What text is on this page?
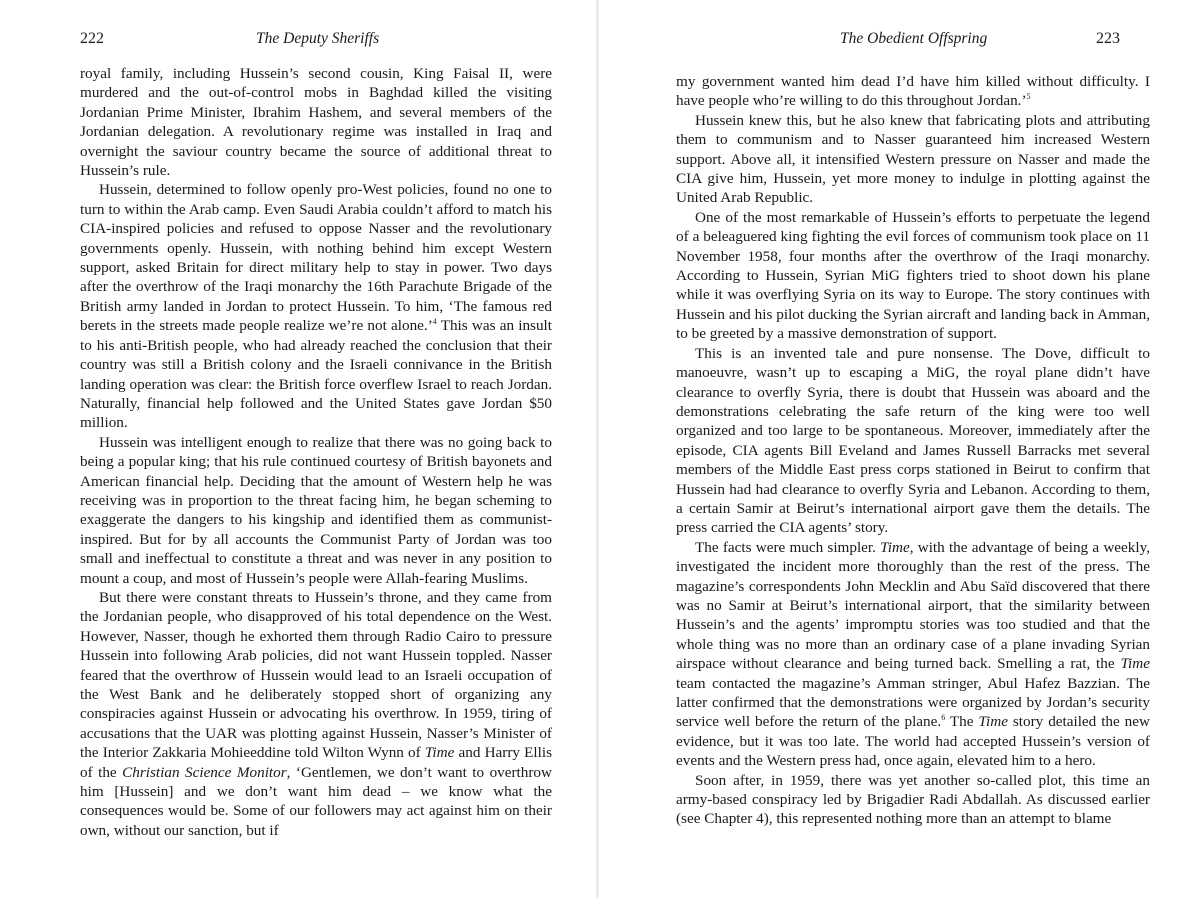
222	The Deputy Sheriffs

royal family, including Hussein’s second cousin, King Faisal II, were murdered and the out-of-control mobs in Baghdad killed the visiting Jordanian Prime Minister, Ibrahim Hashem, and several members of the Jordanian delegation. A revolutionary regime was installed in Iraq and overnight the saviour country became the source of additional threat to Hussein’s rule.

Hussein, determined to follow openly pro-West policies, found no one to turn to within the Arab camp. Even Saudi Arabia couldn’t afford to match his CIA-inspired policies and refused to oppose Nasser and the revolutionary governments openly. Hussein, with nothing behind him except Western support, asked Britain for direct military help to stay in power. Two days after the overthrow of the Iraqi monarchy the 16th Parachute Brigade of the British army landed in Jordan to protect Hussein. To him, ‘The famous red berets in the streets made people realize we’re not alone.’$^4$ This was an insult to his anti-British people, who had already reached the conclusion that their country was still a British colony and the Israeli connivance in the British landing operation was clear: the British force overflew Israel to reach Jordan. Naturally, financial help followed and the United States gave Jordan $50 million.

Hussein was intelligent enough to realize that there was no going back to being a popular king; that his rule continued courtesy of British bayonets and American financial help. Deciding that the amount of Western help he was receiving was in proportion to the threat facing him, he began scheming to exaggerate the dangers to his kingship and identified them as communist-inspired. But for by all accounts the Communist Party of Jordan was too small and ineffectual to constitute a threat and was never in any position to mount a coup, and most of Hussein’s people were Allah-fearing Muslims.

But there were constant threats to Hussein’s throne, and they came from the Jordanian people, who disapproved of his total dependence on the West. However, Nasser, though he exhorted them through Radio Cairo to pressure Hussein into following Arab policies, did not want Hussein toppled. Nasser feared that the overthrow of Hussein would lead to an Israeli occupation of the West Bank and he deliberately stopped short of organizing any conspiracies against Hussein or advocating his overthrow. In 1959, tiring of accusations that the UAR was plotting against Hussein, Nasser’s Minister of the Interior Zakkaria Mohieeddine told Wilton Wynn of Time and Harry Ellis of the Christian Science Monitor, ‘Gentlemen, we don’t want to overthrow him [Hussein] and we don’t want him dead – we know what the consequences would be. Some of our followers may act against him on their own, without our sanction, but if

The Obedient Offspring	223

my government wanted him dead I’d have him killed without difficulty. I have people who’re willing to do this throughout Jordan.’$^5$

Hussein knew this, but he also knew that fabricating plots and attributing them to communism and to Nasser guaranteed him increased Western support. Above all, it intensified Western pressure on Nasser and made the CIA give him, Hussein, yet more money to indulge in plotting against the United Arab Republic.

One of the most remarkable of Hussein’s efforts to perpetuate the legend of a beleaguered king fighting the evil forces of communism took place on 11 November 1958, four months after the overthrow of the Iraqi monarchy. According to Hussein, Syrian MiG fighters tried to shoot down his plane while it was overflying Syria on its way to Europe. The story continues with Hussein and his pilot ducking the Syrian aircraft and landing back in Amman, to be greeted by a massive demonstration of support.

This is an invented tale and pure nonsense. The Dove, difficult to manoeuvre, wasn’t up to escaping a MiG, the royal plane didn’t have clearance to overfly Syria, there is doubt that Hussein was aboard and the demonstrations celebrating the safe return of the king were too well organized and too large to be spontaneous. Moreover, immediately after the episode, CIA agents Bill Eveland and James Russell Barracks met several members of the Middle East press corps stationed in Beirut to confirm that Hussein had had clearance to overfly Syria and Lebanon. According to them, a certain Samir at Beirut’s international airport gave them the details. The press carried the CIA agents’ story.

The facts were much simpler. Time, with the advantage of being a weekly, investigated the incident more thoroughly than the rest of the press. The magazine’s correspondents John Mecklin and Abu Saïd discovered that there was no Samir at Beirut’s international airport, that the similarity between Hussein’s and the agents’ impromptu stories was too studied and that the whole thing was no more than an ordinary case of a plane invading Syrian airspace without clearance and being turned back. Smelling a rat, the Time team contacted the magazine’s Amman stringer, Abul Hafez Bazzian. The latter confirmed that the demonstrations were organized by Jordan’s security service well before the return of the plane.$^6$ The Time story detailed the new evidence, but it was too late. The world had accepted Hussein’s version of events and the Western press had, once again, elevated him to a hero.

Soon after, in 1959, there was yet another so-called plot, this time an army-based conspiracy led by Brigadier Radi Abdallah. As discussed earlier (see Chapter 4), this represented nothing more than an attempt to blame
